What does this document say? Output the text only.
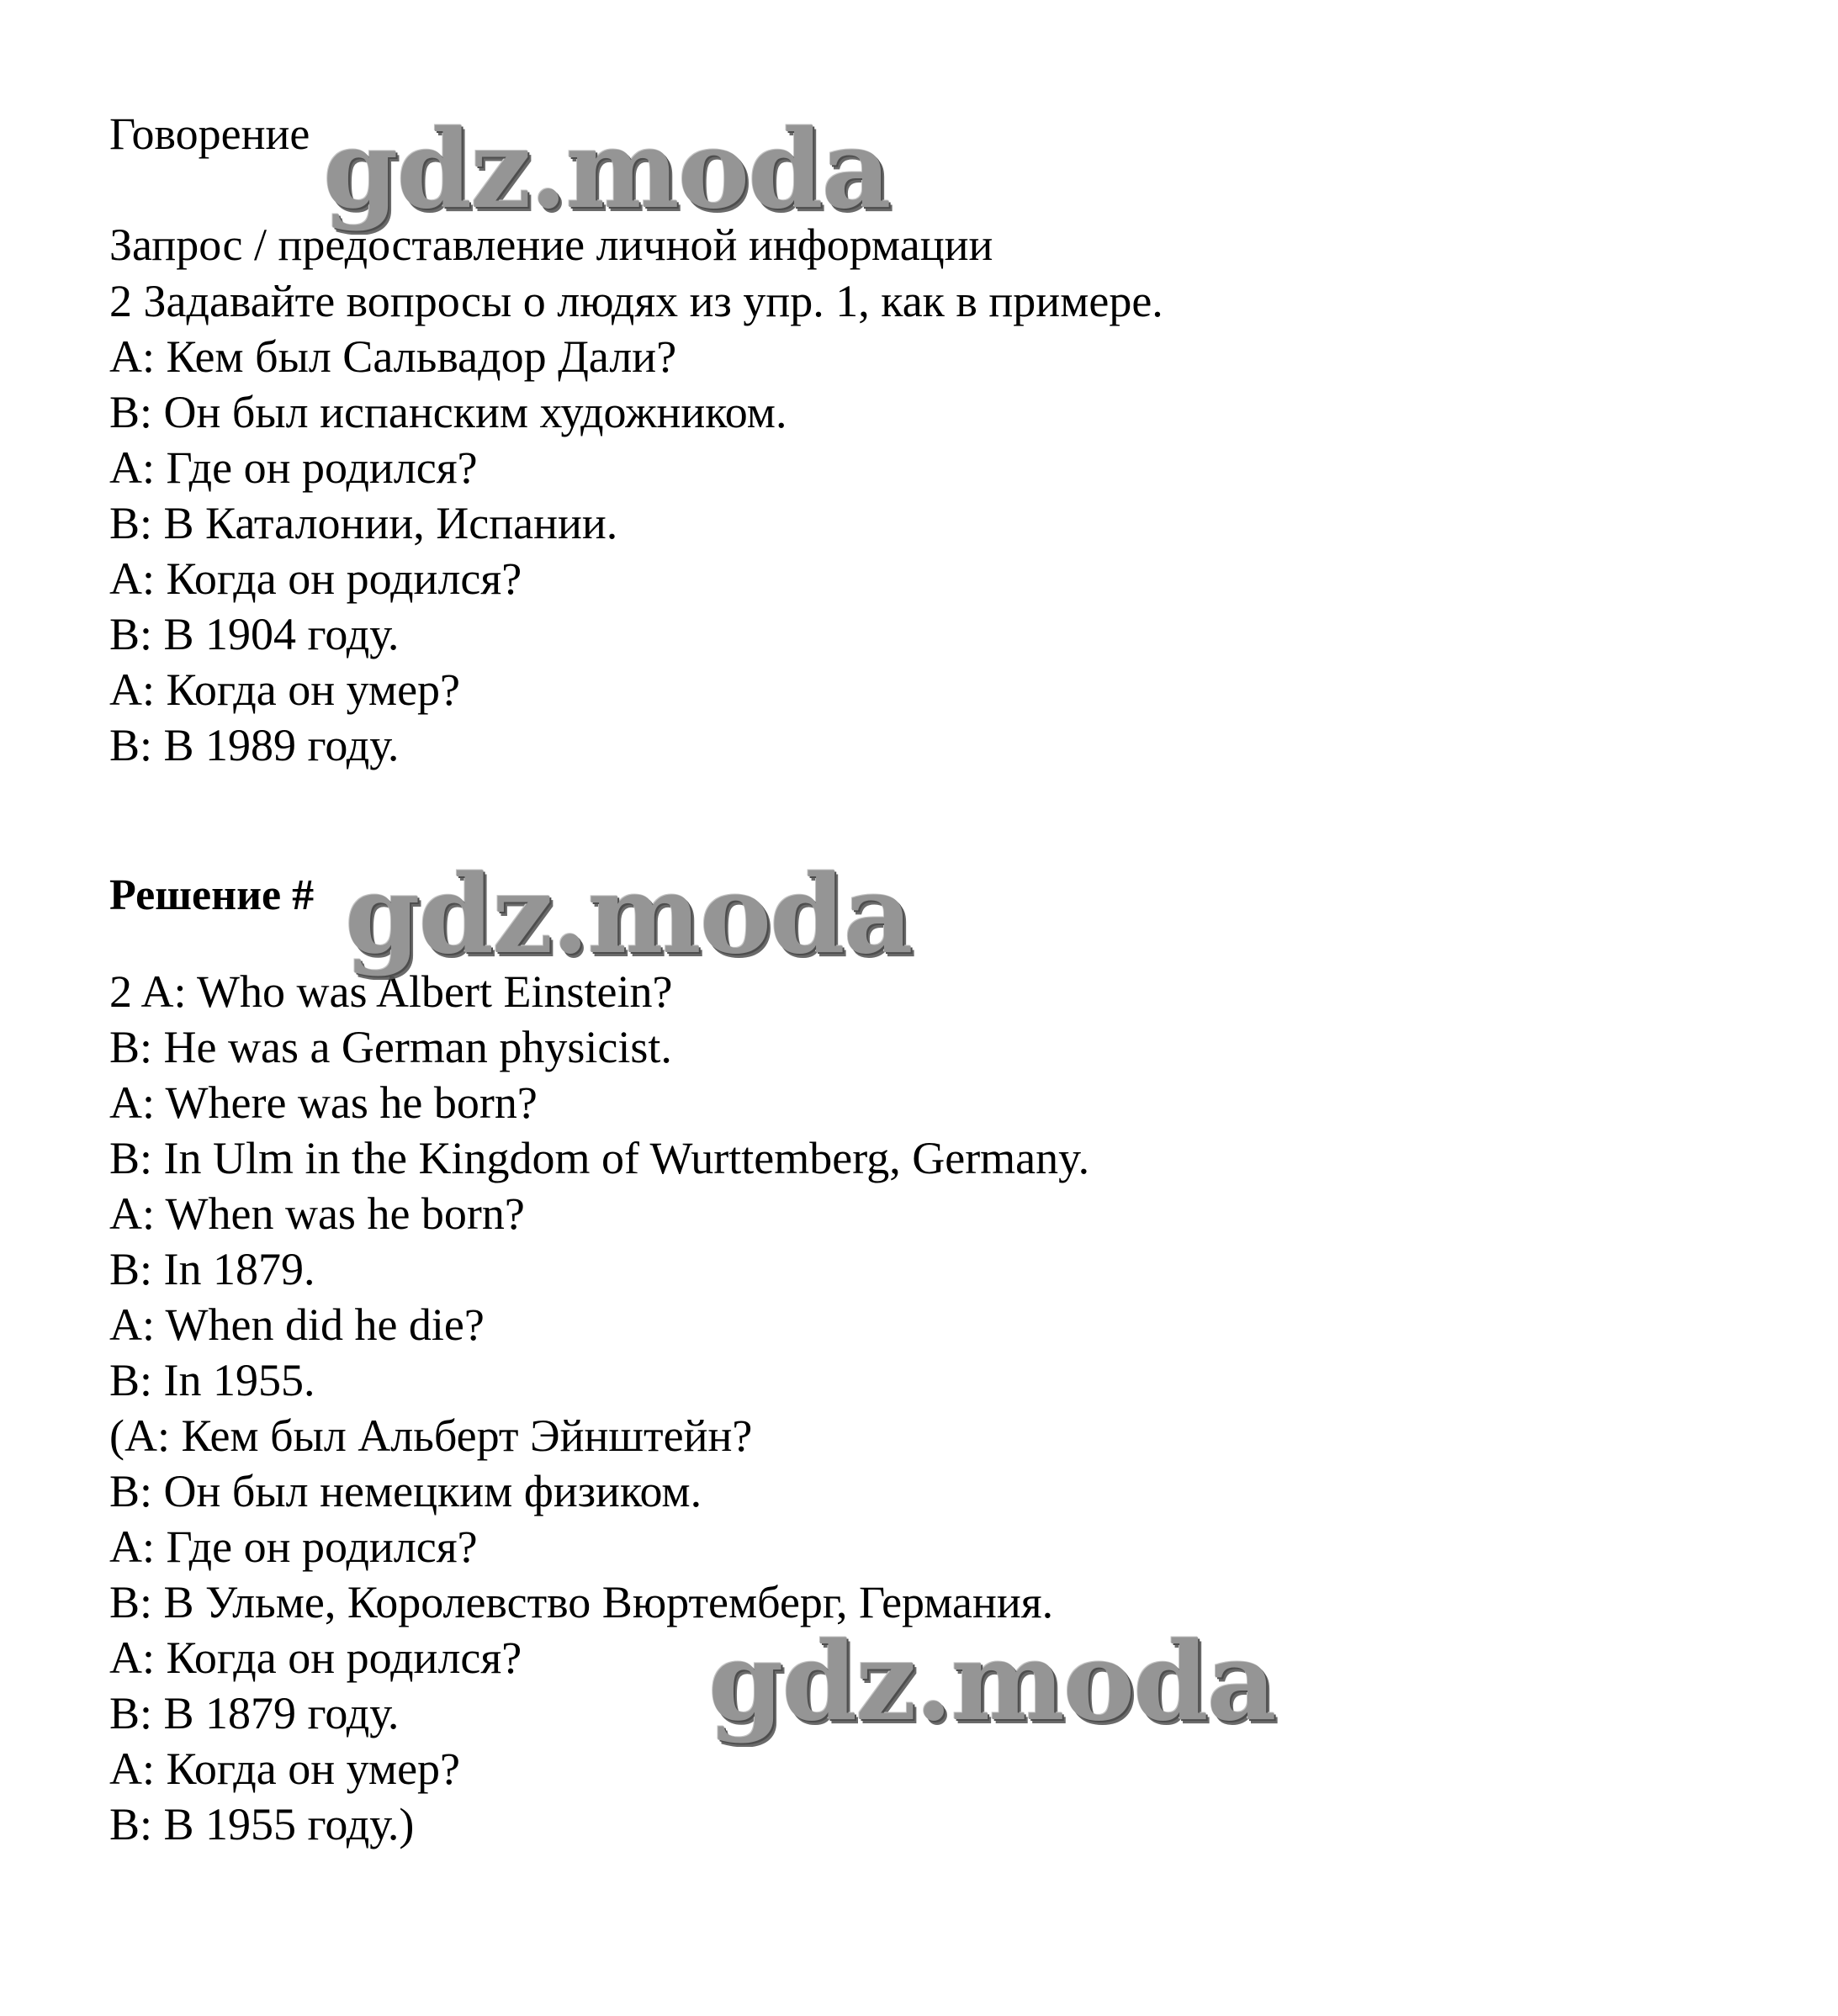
Говорение
Запрос / предоставление личной информации
2 Задавайте вопросы о людях из упр. 1, как в примере.
A: Кем был Сальвадор Дали?
B: Он был испанским художником.
A: Где он родился?
B: В Каталонии, Испании.
A: Когда он родился?
B: В 1904 году.
A: Когда он умер?
B: В 1989 году.
Решение #
2 A: Who was Albert Einstein?
B: He was a German physicist.
A: Where was he born?
B: In Ulm in the Kingdom of Wurttemberg, Germany.
A: When was he born?
B: In 1879.
A: When did he die?
B: In 1955.
(A: Кем был Альберт Эйнштейн?
B: Он был немецким физиком.
A: Где он родился?
B: В Ульме, Королевство Вюртемберг, Германия.
A: Когда он родился?
B: В 1879 году.
A: Когда он умер?
B: В 1955 году.)
gdz.moda
gdz.moda
gdz.moda
